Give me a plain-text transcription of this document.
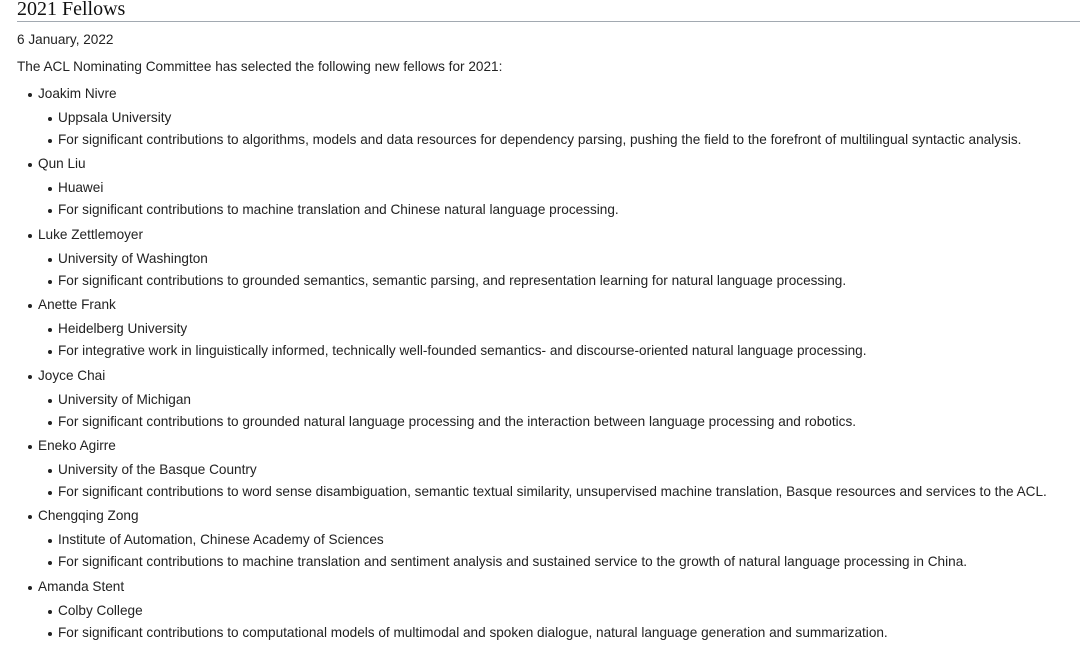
2021 Fellows

6 January, 2022

The ACL Nominating Committee has selected the following new fellows for 2021:

Joakim Nivre
Uppsala University
For significant contributions to algorithms, models and data resources for dependency parsing, pushing the field to the forefront of multilingual syntactic analysis.
Qun Liu
Huawei
For significant contributions to machine translation and Chinese natural language processing.
Luke Zettlemoyer
University of Washington
For significant contributions to grounded semantics, semantic parsing, and representation learning for natural language processing.
Anette Frank
Heidelberg University
For integrative work in linguistically informed, technically well-founded semantics- and discourse-oriented natural language processing.
Joyce Chai
University of Michigan
For significant contributions to grounded natural language processing and the interaction between language processing and robotics.
Eneko Agirre
University of the Basque Country
For significant contributions to word sense disambiguation, semantic textual similarity, unsupervised machine translation, Basque resources and services to the ACL.
Chengqing Zong
Institute of Automation, Chinese Academy of Sciences
For significant contributions to machine translation and sentiment analysis and sustained service to the growth of natural language processing in China.
Amanda Stent
Colby College
For significant contributions to computational models of multimodal and spoken dialogue, natural language generation and summarization.
